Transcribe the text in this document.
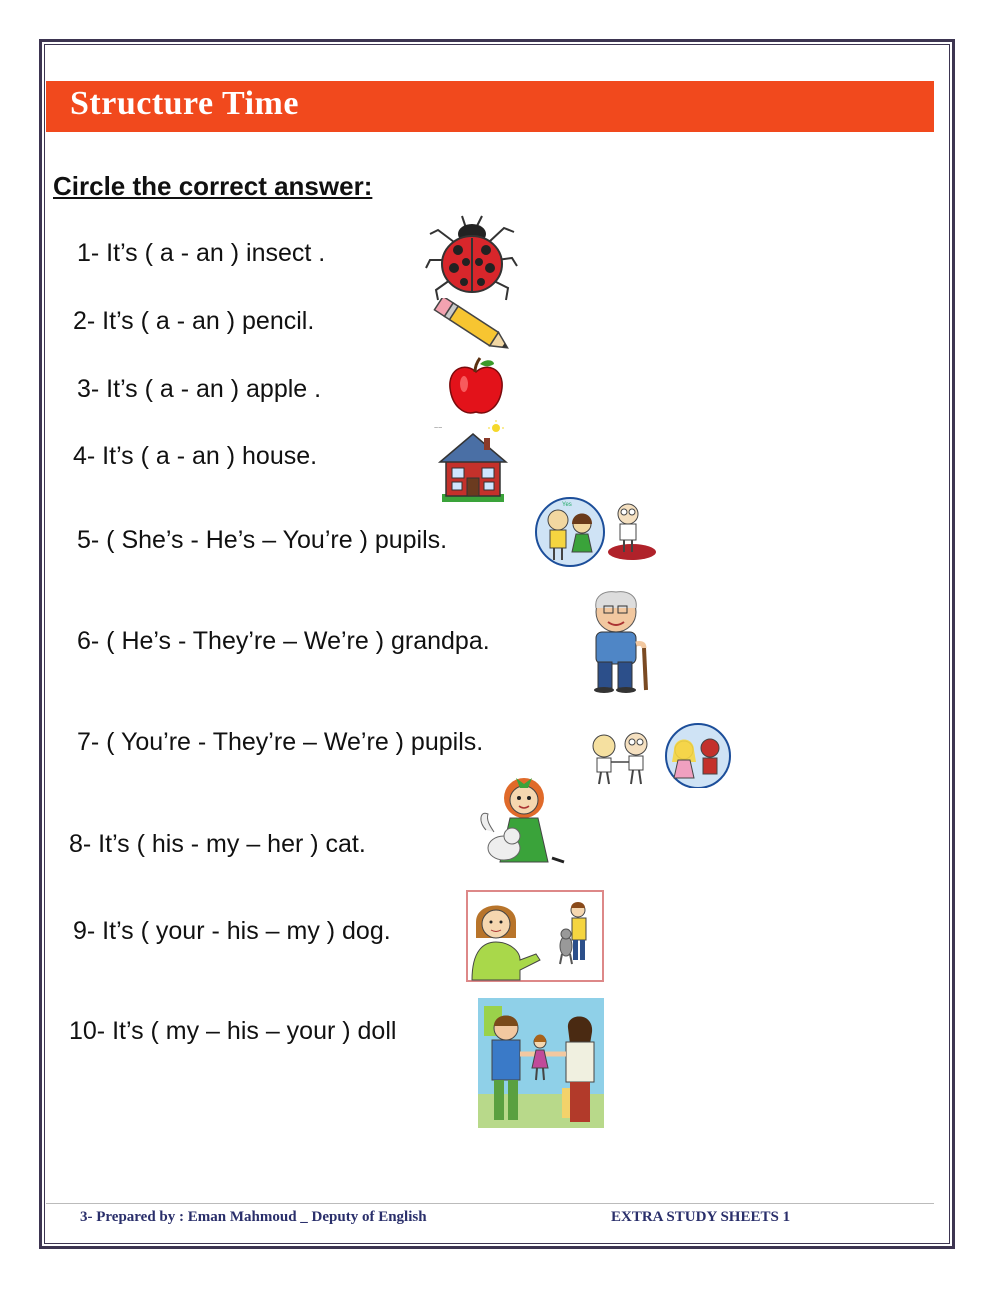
Structure Time
Circle the correct answer:
1- It’s ( a - an ) insect .
2- It’s ( a - an ) pencil.
3- It’s ( a - an ) apple .
4- It’s ( a - an ) house.
5- ( She’s - He’s – You’re ) pupils.
6- ( He’s - They’re – We’re ) grandpa.
7- ( You’re - They’re – We’re ) pupils.
8- It’s ( his - my – her ) cat.
9- It’s ( your - his – my ) dog.
10- It’s ( my – his – your ) doll
~~
Yes
3- Prepared by : Eman Mahmoud _ Deputy of English	EXTRA STUDY SHEETS 1
